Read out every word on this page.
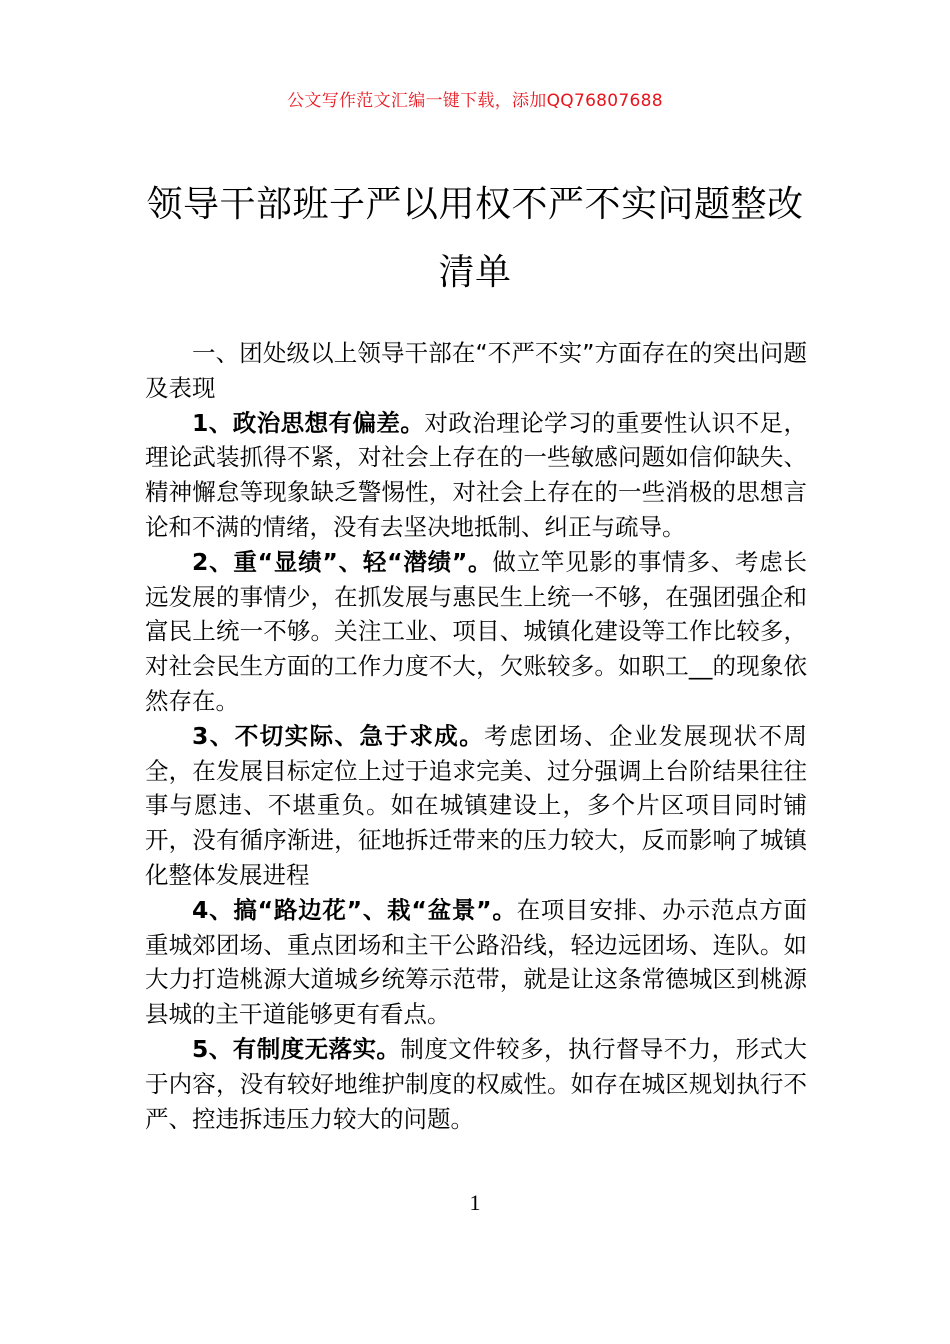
公文写作范文汇编一键下载，添加QQ76807688
领导干部班子严以用权不严不实问题整改
清单

一、团处级以上领导干部在“不严不实”方面存在的突出问题及表现

1、政治思想有偏差。对政治理论学习的重要性认识不足，理论武装抓得不紧，对社会上存在的一些敏感问题如信仰缺失、精神懈怠等现象缺乏警惕性，对社会上存在的一些消极的思想言论和不满的情绪，没有去坚决地抵制、纠正与疏导。

2、重“显绩”、轻“潜绩”。做立竿见影的事情多、考虑长远发展的事情少，在抓发展与惠民生上统一不够，在强团强企和富民上统一不够。关注工业、项目、城镇化建设等工作比较多，对社会民生方面的工作力度不大，欠账较多。如职工__的现象依然存在。

3、不切实际、急于求成。考虑团场、企业发展现状不周全，在发展目标定位上过于追求完美、过分强调上台阶结果往往事与愿违、不堪重负。如在城镇建设上，多个片区项目同时铺开，没有循序渐进，征地拆迁带来的压力较大，反而影响了城镇化整体发展进程

4、搞“路边花”、栽“盆景”。在项目安排、办示范点方面重城郊团场、重点团场和主干公路沿线，轻边远团场、连队。如大力打造桃源大道城乡统筹示范带，就是让这条常德城区到桃源县城的主干道能够更有看点。

5、有制度无落实。制度文件较多，执行督导不力，形式大于内容，没有较好地维护制度的权威性。如存在城区规划执行不严、控违拆违压力较大的问题。

1
